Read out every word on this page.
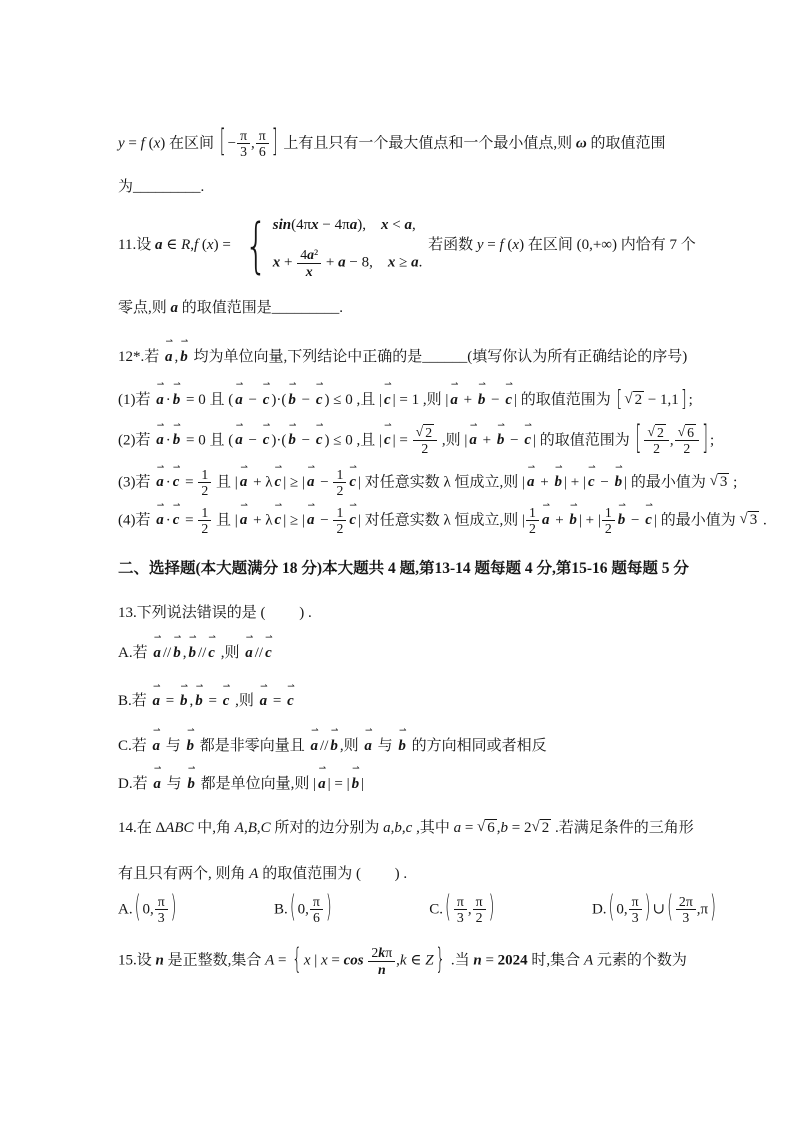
y = f (x) 在区间 [ − $\frac{\pi}{3}$ , $\frac{\pi}{6}$ ] 上有且只有一个最大值点和一个最小值点,则 ω 的取值范围
为_________.
11.设 a ∈ R,f (x) = { sin(4πx − 4πa),  x < a,
$x + \frac{\text{4a²}}{x} + a - 8$,  x ≥ a.
若函数 y = f (x) 在区间 (0,+∞) 内恰有 7 个
零点,则 a 的取值范围是_________.
12*.若
⇀
a ,
⇀
b 均为单位向量,下列结论中正确的是______(填写你认为所有正确结论的序号)
(1)若
⇀
a ·
⇀
b = 0 且 (
⇀
a −
⇀
c )·(
⇀
b −
⇀
c ) ≤ 0 ,且 |
⇀
c | = 1 ,则 |
⇀
a +
⇀
b −
⇀
c | 的取值范围为 [ √ 2 − 1,1 ] ;
(2)若
⇀
a ·
⇀
b = 0 且 (
⇀
a −
⇀
c )·(
⇀
b −
⇀
c ) ≤ 0 ,且 |
⇀
c | = $\frac{√ 2}{2}$ ,则 |
⇀
a +
⇀
b −
⇀
c | 的取值范围为 [ $\frac{√ 2}{2}$ , $\frac{√ 6}{2}$ ] ;
(3)若
⇀
a ·
⇀
$c = \frac{1}{2}$ 且 |
⇀
a + λ
⇀
c | ≥ |
⇀
$a - \frac{1}{2}$ ⇀
c | 对任意实数 λ 恒成立,则 |
⇀
a +
⇀
b | + |
⇀
c −
⇀
b | 的最小值为 √ 3 ;
(4)若
⇀
a ·
⇀
$c = \frac{1}{2}$ 且 |
⇀
a + λ
⇀
c | ≥ |
⇀
$a - \frac{1}{2}$ ⇀
c | 对任意实数 λ 恒成立,则 | $\frac{1}{2}$ ⇀
a +
⇀
b | + | $\frac{1}{2}$ ⇀
b −
⇀
c | 的最小值为 √ 3 .
二、选择题(本大题满分 18 分)本大题共 4 题,第13-14 题每题 4 分,第15-16 题每题 5 分
13.下列说法错误的是 (　　 ) .
A.若
⇀
a //
⇀
b ,
⇀
b //
⇀
c ,则
⇀
a //
⇀
c
B.若
⇀
a =
⇀
b ,
⇀
b =
⇀
c ,则
⇀
a =
⇀
c
C.若
⇀
a 与
⇀
b 都是非零向量且
⇀
a //
⇀
b ,则
⇀
a 与
⇀
b 的方向相同或者相反
D.若
⇀
a 与
⇀
b 都是单位向量,则 |
⇀
a | = |
⇀
b |
14.在 ΔABC 中,角 A,B,C 所对的边分别为 a,b,c ,其中 a = √ 6 ,b = 2√ 2 .若满足条件的三角形
有且只有两个, 则角 A 的取值范围为 (　　 ) .
A. ( 0, $\frac{\pi}{3}$ )	B. ( 0, $\frac{\pi}{6}$ )	C. ( $\frac{\pi}{3}$ , $\frac{\pi}{2}$ )	D. ( 0, $\frac{\pi}{3}$ ) ∪ ( $\frac{2\pi}{3} ,\pi$ )
15.设 n 是正整数,集合 A = { x | $x = \cos \frac{2k\pi}{n} ,k$ ∈ Z } .当 n = 2024 时,集合 A 元素的个数为
